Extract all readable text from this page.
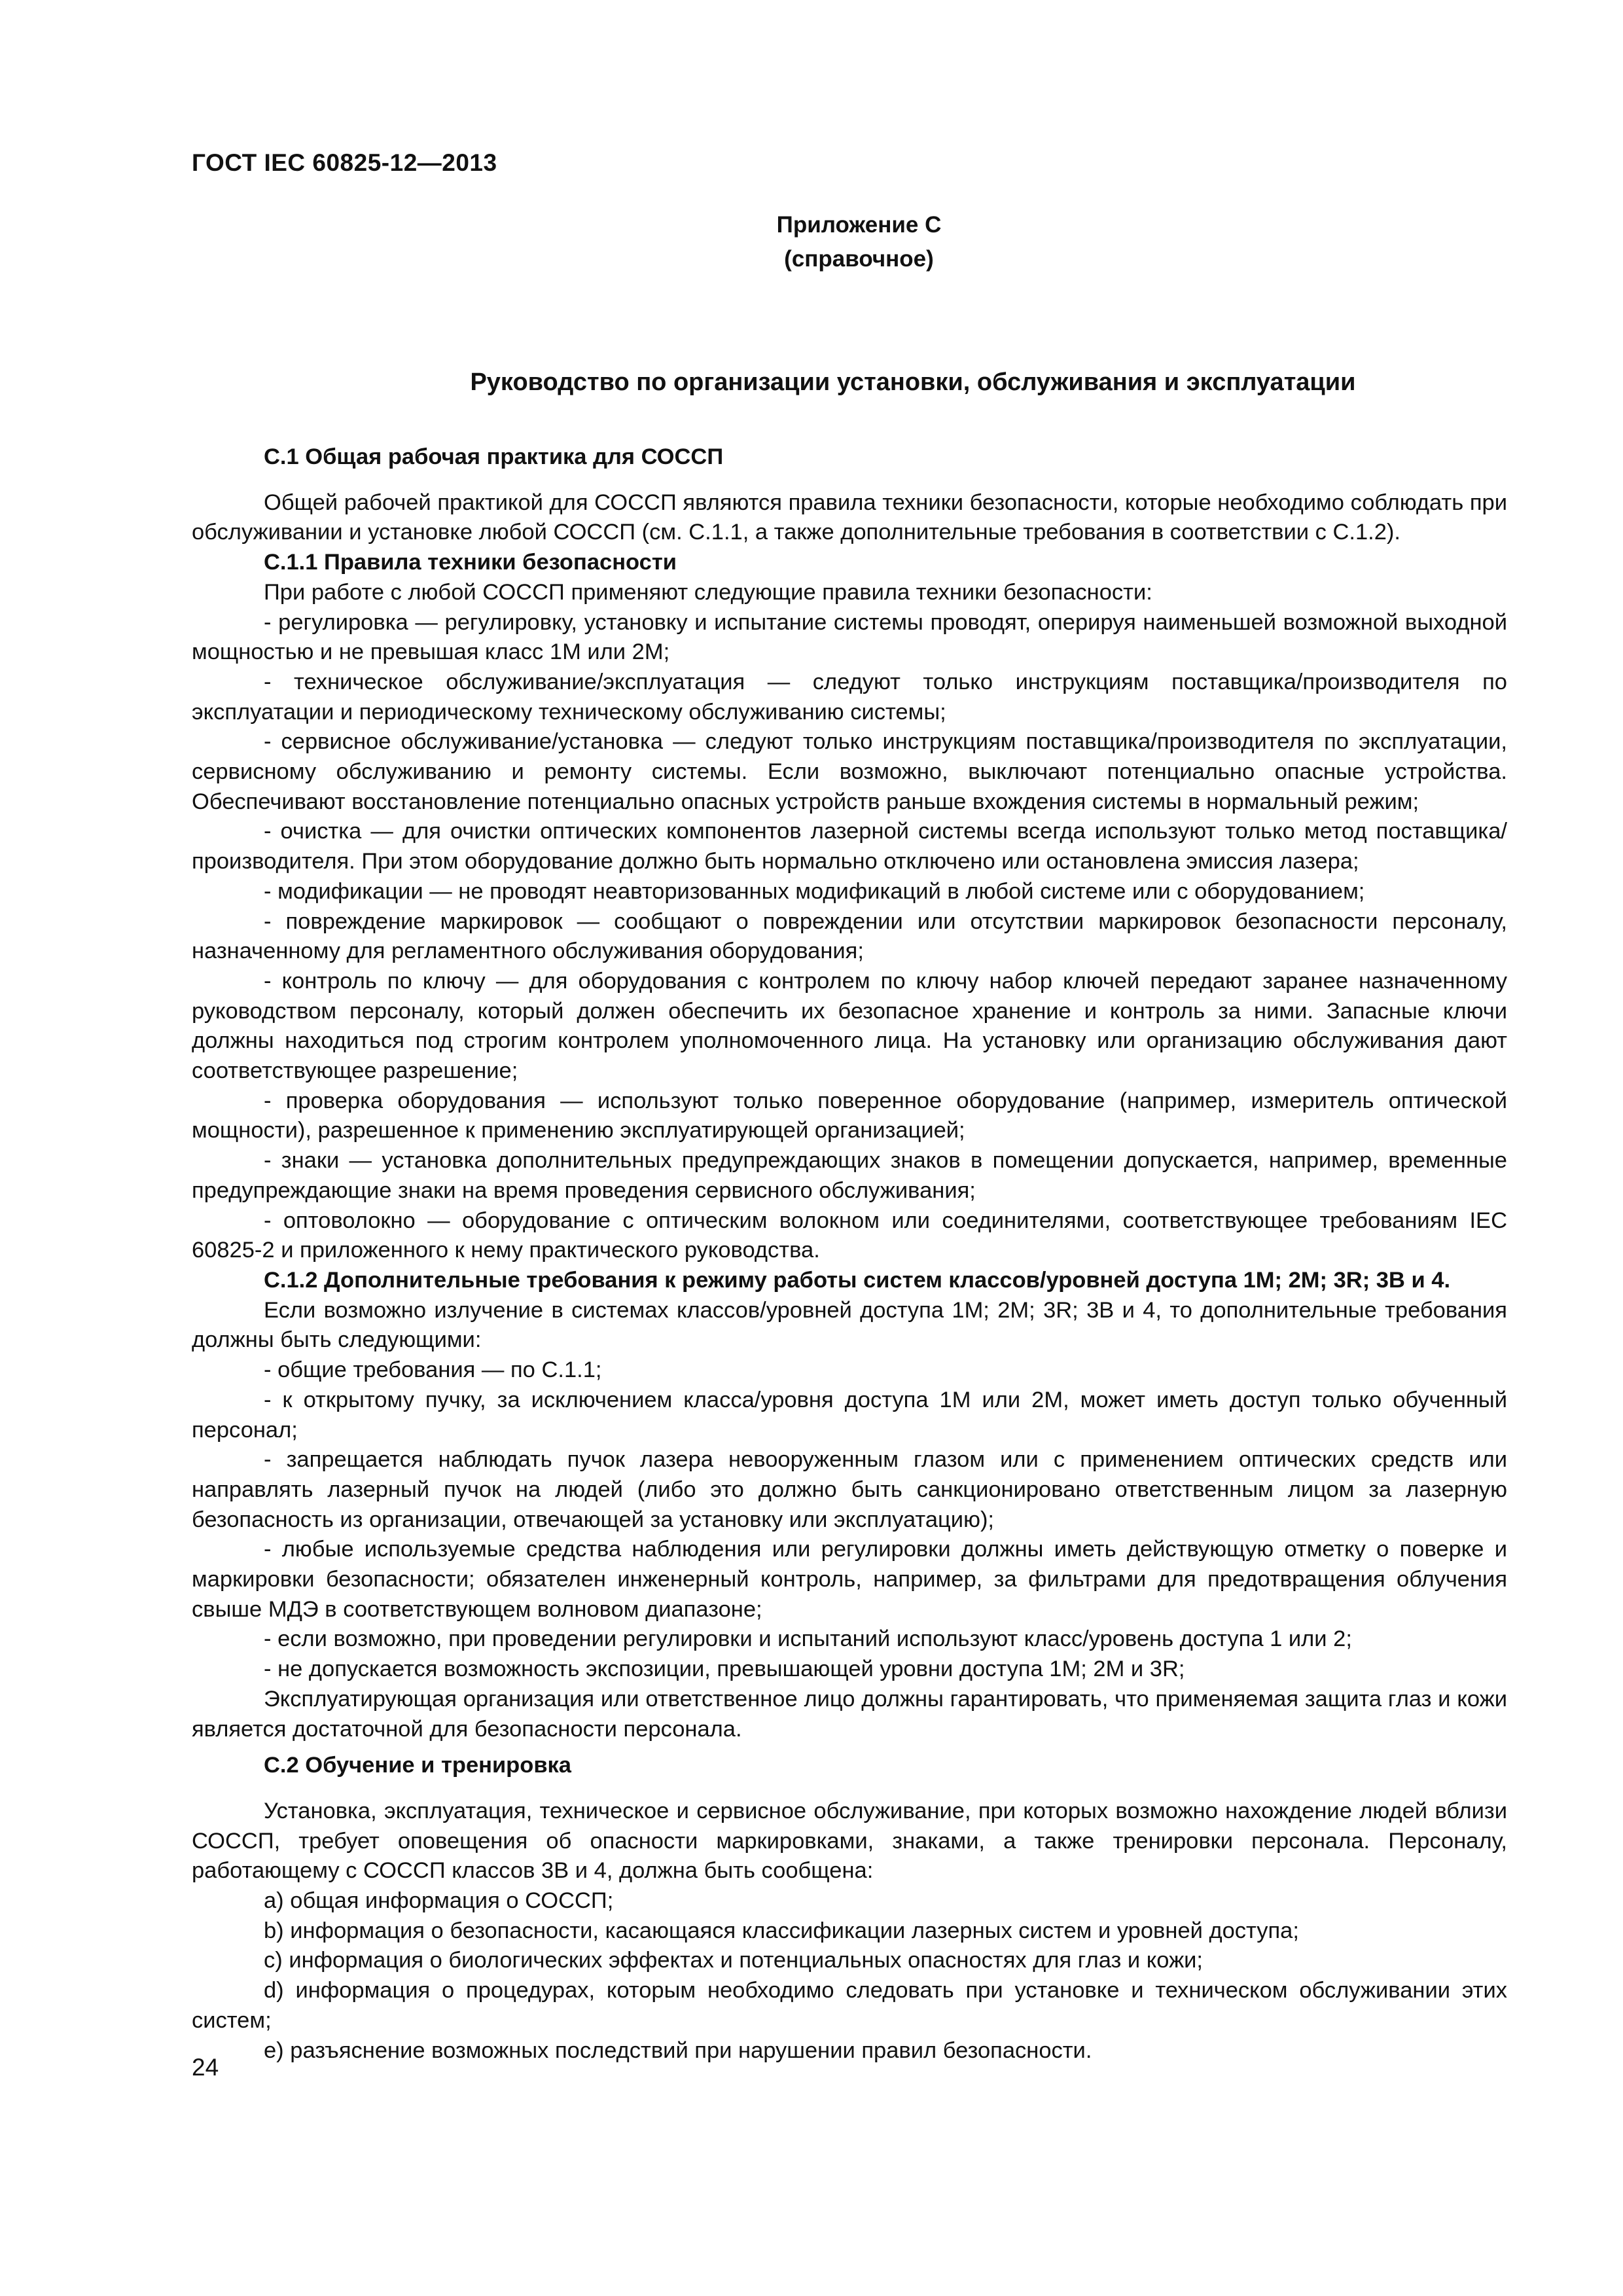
ГОСТ IEC 60825-12—2013
Приложение С
(справочное)
Руководство по организации установки, обслуживания и эксплуатации

С.1 Общая рабочая практика для СОССП

Общей рабочей практикой для СОССП являются правила техники безопасности, которые необходимо соблюдать при обслуживании и установке любой СОССП (см. С.1.1, а также дополнительные требования в соответствии с С.1.2).

С.1.1 Правила техники безопасности

При работе с любой СОССП применяют следующие правила техники безопасности:

- регулировка — регулировку, установку и испытание системы проводят, оперируя наименьшей возможной выходной мощностью и не превышая класс 1М или 2М;

- техническое обслуживание/эксплуатация — следуют только инструкциям поставщика/производителя по эксплуатации и периодическому техническому обслуживанию системы;

- сервисное обслуживание/установка — следуют только инструкциям поставщика/производителя по эксплуатации, сервисному обслуживанию и ремонту системы. Если возможно, выключают потенциально опасные устройства. Обеспечивают восстановление потенциально опасных устройств раньше вхождения системы в нормальный режим;

- очистка — для очистки оптических компонентов лазерной системы всегда используют только метод поставщика/производителя. При этом оборудование должно быть нормально отключено или остановлена эмиссия лазера;

- модификации — не проводят неавторизованных модификаций в любой системе или с оборудованием;

- повреждение маркировок — сообщают о повреждении или отсутствии маркировок безопасности персоналу, назначенному для регламентного обслуживания оборудования;

- контроль по ключу — для оборудования с контролем по ключу набор ключей передают заранее назначенному руководством персоналу, который должен обеспечить их безопасное хранение и контроль за ними. Запасные ключи должны находиться под строгим контролем уполномоченного лица. На установку или организацию обслуживания дают соответствующее разрешение;

- проверка оборудования — используют только поверенное оборудование (например, измеритель оптической мощности), разрешенное к применению эксплуатирующей организацией;

- знаки — установка дополнительных предупреждающих знаков в помещении допускается, например, временные предупреждающие знаки на время проведения сервисного обслуживания;

- оптоволокно — оборудование с оптическим волокном или соединителями, соответствующее требованиям IEC 60825-2 и приложенного к нему практического руководства.

С.1.2 Дополнительные требования к режиму работы систем классов/уровней доступа 1М; 2М; 3R; 3В и 4.

Если возможно излучение в системах классов/уровней доступа 1М; 2М; 3R; 3В и 4, то дополнительные требования должны быть следующими:

- общие требования — по С.1.1;

- к открытому пучку, за исключением класса/уровня доступа 1М или 2М, может иметь доступ только обученный персонал;

- запрещается наблюдать пучок лазера невооруженным глазом или с применением оптических средств или направлять лазерный пучок на людей (либо это должно быть санкционировано ответственным лицом за лазерную безопасность из организации, отвечающей за установку или эксплуатацию);

- любые используемые средства наблюдения или регулировки должны иметь действующую отметку о поверке и маркировки безопасности; обязателен инженерный контроль, например, за фильтрами для предотвращения облучения свыше МДЭ в соответствующем волновом диапазоне;

- если возможно, при проведении регулировки и испытаний используют класс/уровень доступа 1 или 2;

- не допускается возможность экспозиции, превышающей уровни доступа 1М; 2М и 3R;

Эксплуатирующая организация или ответственное лицо должны гарантировать, что применяемая защита глаз и кожи является достаточной для безопасности персонала.

С.2 Обучение и тренировка

Установка, эксплуатация, техническое и сервисное обслуживание, при которых возможно нахождение людей вблизи СОССП, требует оповещения об опасности маркировками, знаками, а также тренировки персонала. Персоналу, работающему с СОССП классов 3В и 4, должна быть сообщена:

а) общая информация о СОССП;

b) информация о безопасности, касающаяся классификации лазерных систем и уровней доступа;

с) информация о биологических эффектах и потенциальных опасностях для глаз и кожи;

d) информация о процедурах, которым необходимо следовать при установке и техническом обслуживании этих систем;

е) разъяснение возможных последствий при нарушении правил безопасности.

24
